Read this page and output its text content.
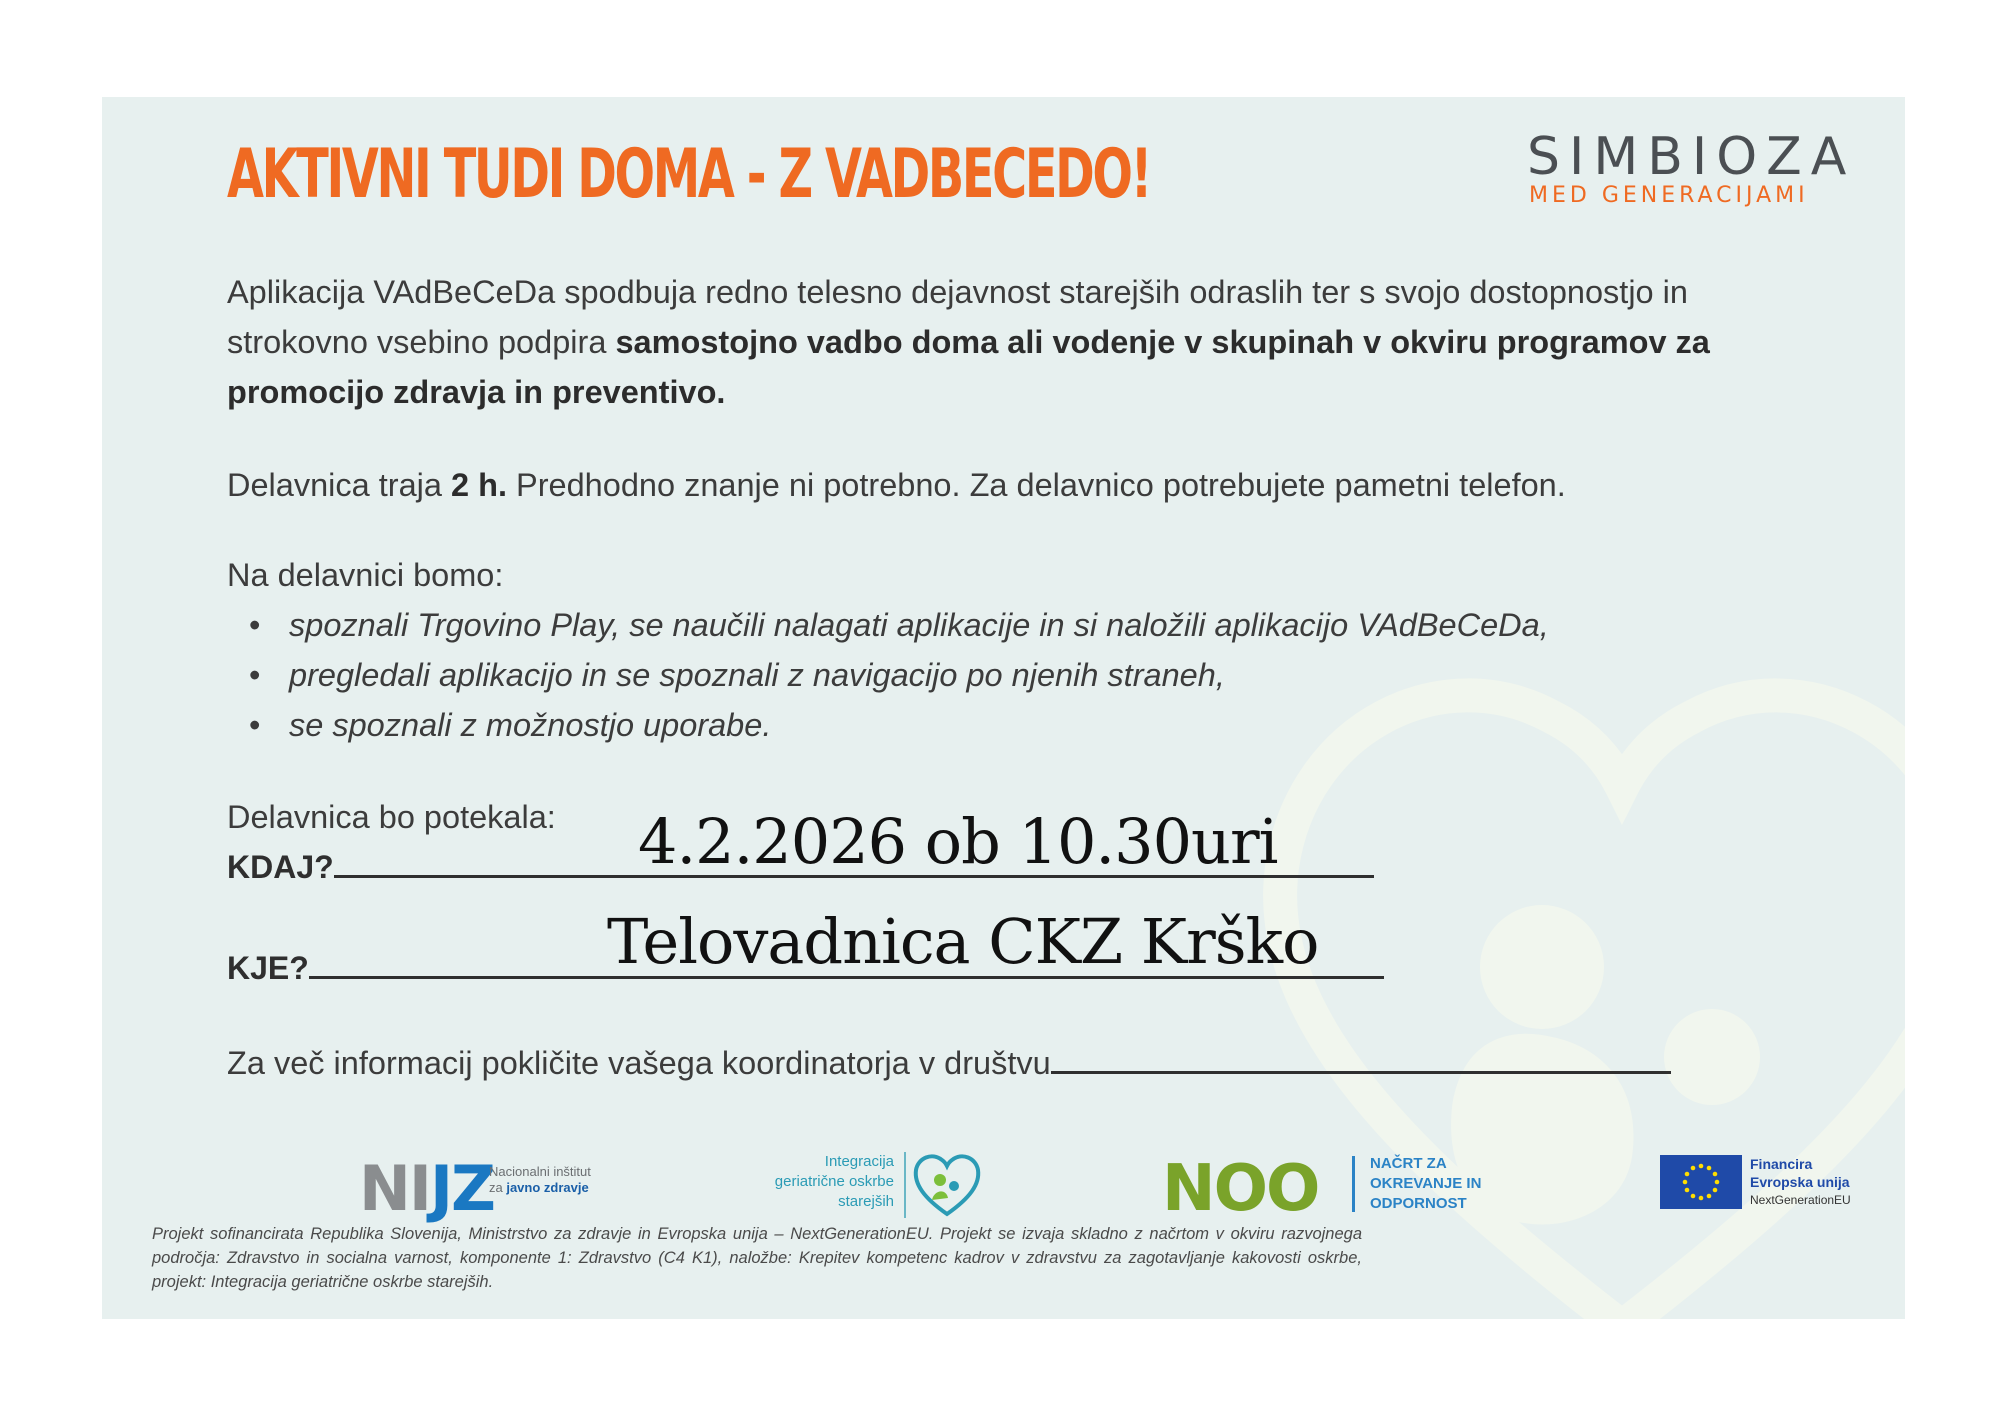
AKTIVNI TUDI DOMA - Z VADBECEDO!	SIMBIOZA
MED GENERACIJAMI
Aplikacija VAdBeCeDa spodbuja redno telesno dejavnost starejših odraslih ter s svojo dostopnostjo in strokovno vsebino podpira samostojno vadbo doma ali vodenje v skupinah v okviru programov za promocijo zdravja in preventivo.
Delavnica traja 2 h. Predhodno znanje ni potrebno. Za delavnico potrebujete pametni telefon.
Na delavnici bomo:
• spoznali Trgovino Play, se naučili nalagati aplikacije in si naložili aplikacijo VAdBeCeDa,
• pregledali aplikacijo in se spoznali z navigacijo po njenih straneh,
• se spoznali z možnostjo uporabe.
Delavnica bo potekala:
KDAJ?	4.2.2026 ob 10.30uri
KJE?	Telovadnica CKZ Krško
Za več informacij pokličite vašega koordinatorja v društvu
NIJZ
Nacionalni inštitut
za javno zdravje
Integracija geriatrične oskrbe starejših	NOO	NAČRT ZA OKREVANJE IN ODPORNOST
Financira
Evropska unija
NextGenerationEU
Projekt sofinancirata Republika Slovenija, Ministrstvo za zdravje in Evropska unija – NextGenerationEU. Projekt se izvaja skladno z načrtom v okviru razvojnega področja: Zdravstvo in socialna varnost, komponente 1: Zdravstvo (C4 K1), naložbe: Krepitev kompetenc kadrov v zdravstvu za zagotavljanje kakovosti oskrbe, projekt: Integracija geriatrične oskrbe starejših.
